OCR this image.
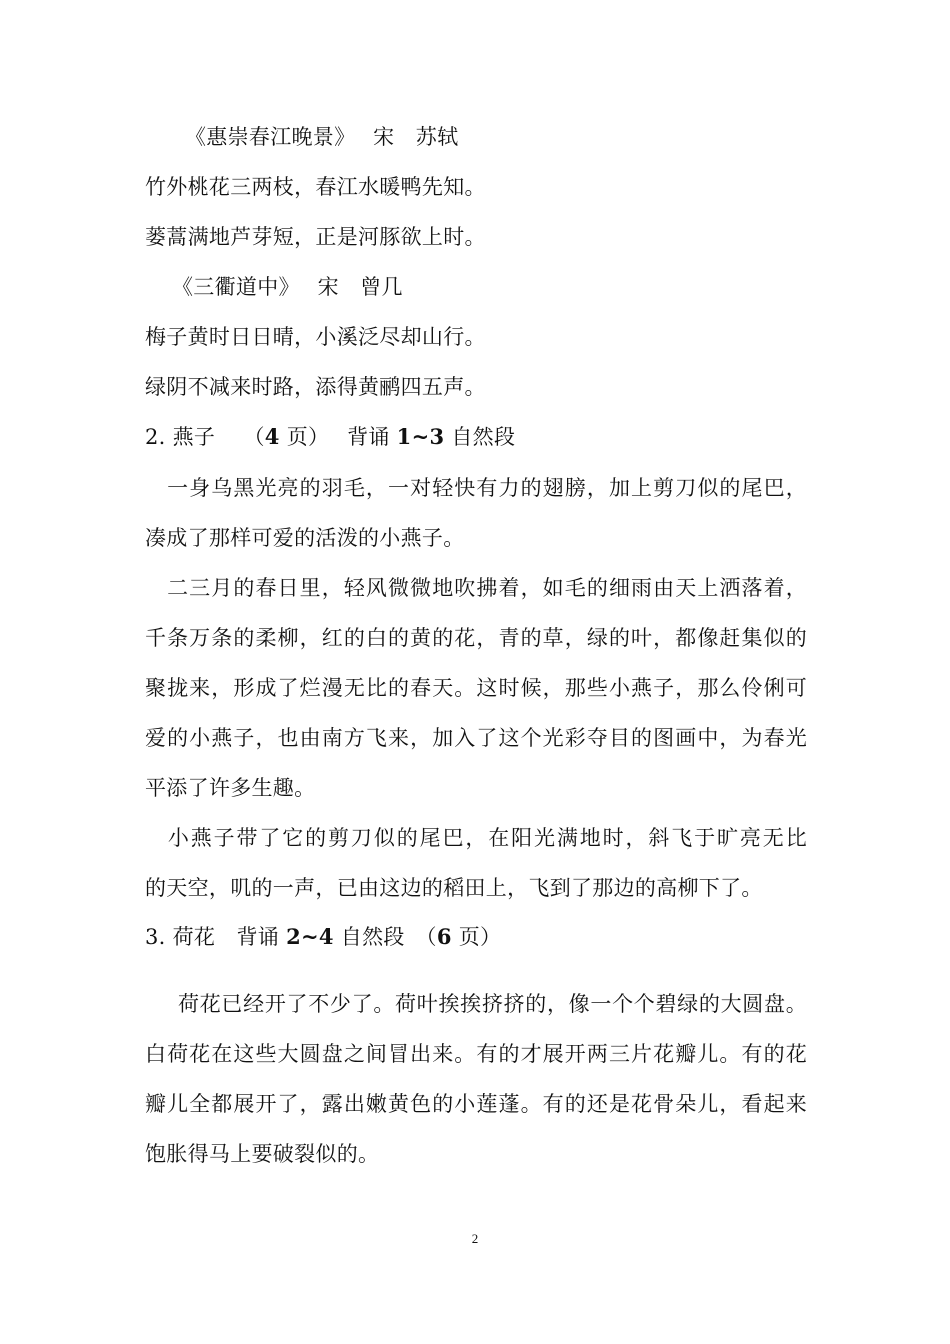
《惠崇春江晚景》　 宋　苏轼
竹外桃花三两枝，春江水暖鸭先知。
蒌蒿满地芦芽短，正是河豚欲上时。
《三衢道中》　 宋　曾几
梅子黄时日日晴，小溪泛尽却山行。
绿阴不减来时路，添得黄鹂四五声。
2. 燕子　 （4 页）　 背诵 1~3 自然段
　一身乌黑光亮的羽毛，一对轻快有力的翅膀，加上剪刀似的尾巴，
凑成了那样可爱的活泼的小燕子。
　二三月的春日里，轻风微微地吹拂着，如毛的细雨由天上洒落着，
千条万条的柔柳，红的白的黄的花，青的草，绿的叶，都像赶集似的
聚拢来，形成了烂漫无比的春天。这时候，那些小燕子，那么伶俐可
爱的小燕子，也由南方飞来，加入了这个光彩夺目的图画中，为春光
平添了许多生趣。
　小燕子带了它的剪刀似的尾巴，在阳光满地时，斜飞于旷亮无比
的天空，叽的一声，已由这边的稻田上，飞到了那边的高柳下了。
3. 荷花　背诵 2~4 自然段　（6 页）
荷花已经开了不少了。荷叶挨挨挤挤的，像一个个碧绿的大圆盘。
白荷花在这些大圆盘之间冒出来。有的才展开两三片花瓣儿。有的花
瓣儿全都展开了，露出嫩黄色的小莲蓬。有的还是花骨朵儿，看起来
饱胀得马上要破裂似的。
2
